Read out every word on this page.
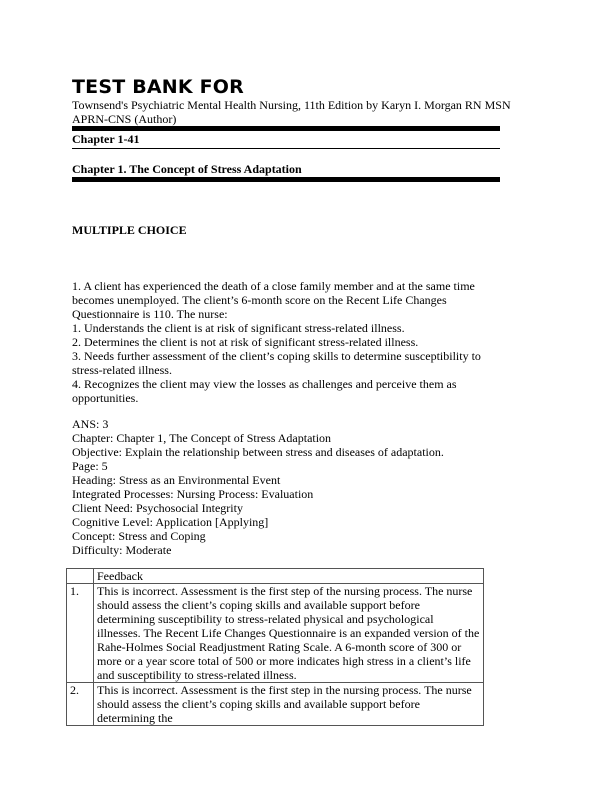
TEST BANK FOR
Townsend's Psychiatric Mental Health Nursing, 11th Edition by Karyn I. Morgan RN MSN APRN-CNS (Author)
Chapter 1-41
Chapter 1. The Concept of Stress Adaptation
MULTIPLE CHOICE

1. A client has experienced the death of a close family member and at the same time becomes unemployed. The client’s 6-month score on the Recent Life Changes Questionnaire is 110. The nurse:

1. Understands the client is at risk of significant stress-related illness.

2. Determines the client is not at risk of significant stress-related illness.

3. Needs further assessment of the client’s coping skills to determine susceptibility to stress-related illness.

4. Recognizes the client may view the losses as challenges and perceive them as opportunities.

ANS: 3

Chapter: Chapter 1, The Concept of Stress Adaptation

Objective: Explain the relationship between stress and diseases of adaptation.

Page: 5

Heading: Stress as an Environmental Event

Integrated Processes: Nursing Process: Evaluation

Client Need: Psychosocial Integrity

Cognitive Level: Application [Applying]

Concept: Stress and Coping

Difficulty: Moderate

	Feedback
1.	This is incorrect. Assessment is the first step of the nursing process. The nurse should assess the client’s coping skills and available support before determining susceptibility to stress-related physical and psychological illnesses. The Recent Life Changes Questionnaire is an expanded version of the Rahe-Holmes Social Readjustment Rating Scale. A 6-month score of 300 or more or a year score total of 500 or more indicates high stress in a client’s life and susceptibility to stress-related illness.
2.	This is incorrect. Assessment is the first step in the nursing process. The nurse should assess the client’s coping skills and available support before determining the
